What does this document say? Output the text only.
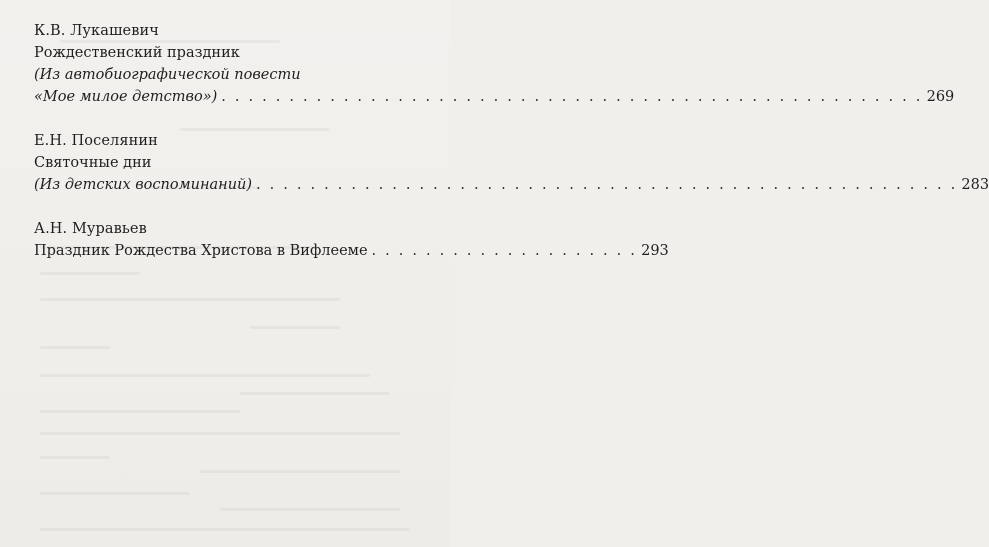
К.В. Лукашевич
Рождественский праздник
(Из автобиографической повести
«Мое милое детство») . . . . . . . . . . . . . . . . . . . . . . . . . . . . . . . . . . . . . . . . . . . . . . . . . . . . 269
Е.Н. Поселянин
Святочные дни
(Из детских воспоминаний) . . . . . . . . . . . . . . . . . . . . . . . . . . . . . . . . . . . . . . . . . . . . . . . . . . . . 283
А.Н. Муравьев
Праздник Рождества Христова в Вифлееме . . . . . . . . . . . . . . . . . . . . 293
